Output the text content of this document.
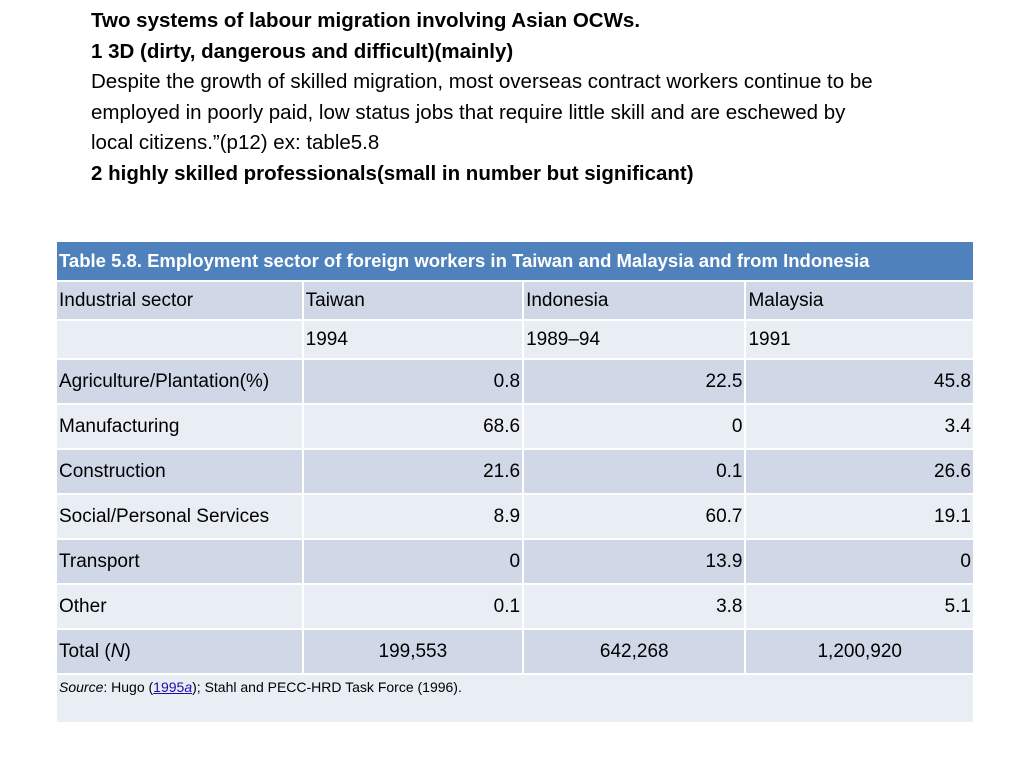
Two systems of labour migration involving Asian OCWs.

1 3D (dirty, dangerous and difficult)(mainly)

Despite the growth of skilled migration, most overseas contract workers continue to be employed in poorly paid, low status jobs that require little skill and are eschewed by local citizens.”(p12) ex: table5.8

2 highly skilled professionals(small in number but significant)

Table 5.8. Employment sector of foreign workers in Taiwan and Malaysia and from Indonesia			
Industrial sector	Taiwan	Indonesia	Malaysia
	1994	1989–94	1991
Agriculture/Plantation(%)	0.8	22.5	45.8
Manufacturing	68.6	0	3.4
Construction	21.6	0.1	26.6
Social/Personal Services	8.9	60.7	19.1
Transport	0	13.9	0
Other	0.1	3.8	5.1
Total (N)	199,553	642,268	1,200,920
Source: Hugo (1995a); Stahl and PECC-HRD Task Force (1996).			
